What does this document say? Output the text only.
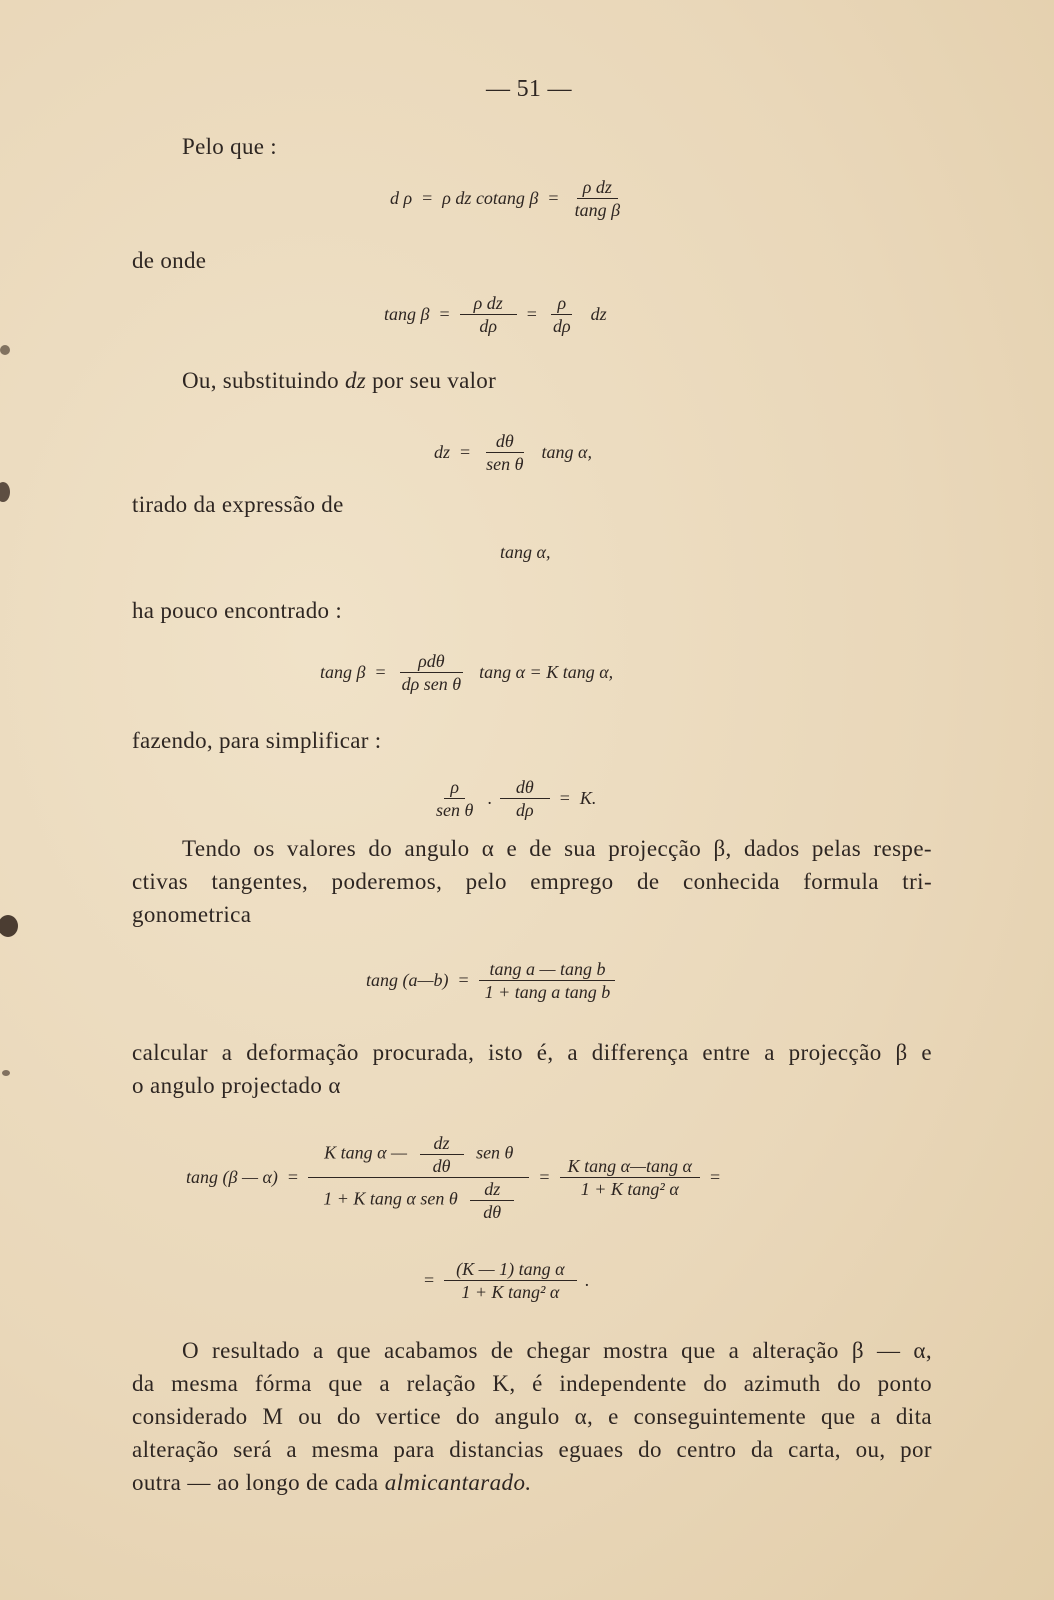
— 51 —
Pelo que :
d ρ = ρ dz cotang $\beta = \frac{\text{ρ dz}}{\text{tang β}}$
de onde
tang $\beta = \frac{\text{ρ dz}}{d\rho} = \frac{\rho}{d\rho}$ dz
Ou, substituindo dz por seu valor
dz = $\frac{d\theta}{\text{sen θ}}$ tang α,
tirado da expressão de
tang α,
ha pouco encontrado :
tang $\beta = \frac{\text{ρdθ}}{\text{dρ sen θ}}$ tang α = K tang α,
fazendo, para simplificar :
$\frac{\rho}{\text{sen θ}}$ . $\frac{d\theta}{d\rho} = K$.
Tendo os valores do angulo α e de sua projecção β, dados pelas respe-
ctivas tangentes, poderemos, pelo emprego de conhecida formula tri-
gonometrica
tang (a—b) = $\frac{\text{tang a — tang b}}{\text{1 + tang a tang b}}$
calcular a deformação procurada, isto é, a differença entre a projecção β e
o angulo projectado α
tang (β — α) =
K tang α — $\frac{dz}{d\theta}$ sen θ
1 + K tang α sen θ $\frac{dz}{d\theta}$
= $\frac{\text{K tang α—tang α}}{\text{1 + K tang² α}}$ =
= $\frac{\text{(K — 1) tang α}}{\text{1 + K tang² α}}$ .
O resultado a que acabamos de chegar mostra que a alteração β — α,
da mesma fórma que a relação K, é independente do azimuth do ponto
considerado M ou do vertice do angulo α, e conseguintemente que a dita
alteração será a mesma para distancias eguaes do centro da carta, ou, por
outra — ao longo de cada almicantarado.
